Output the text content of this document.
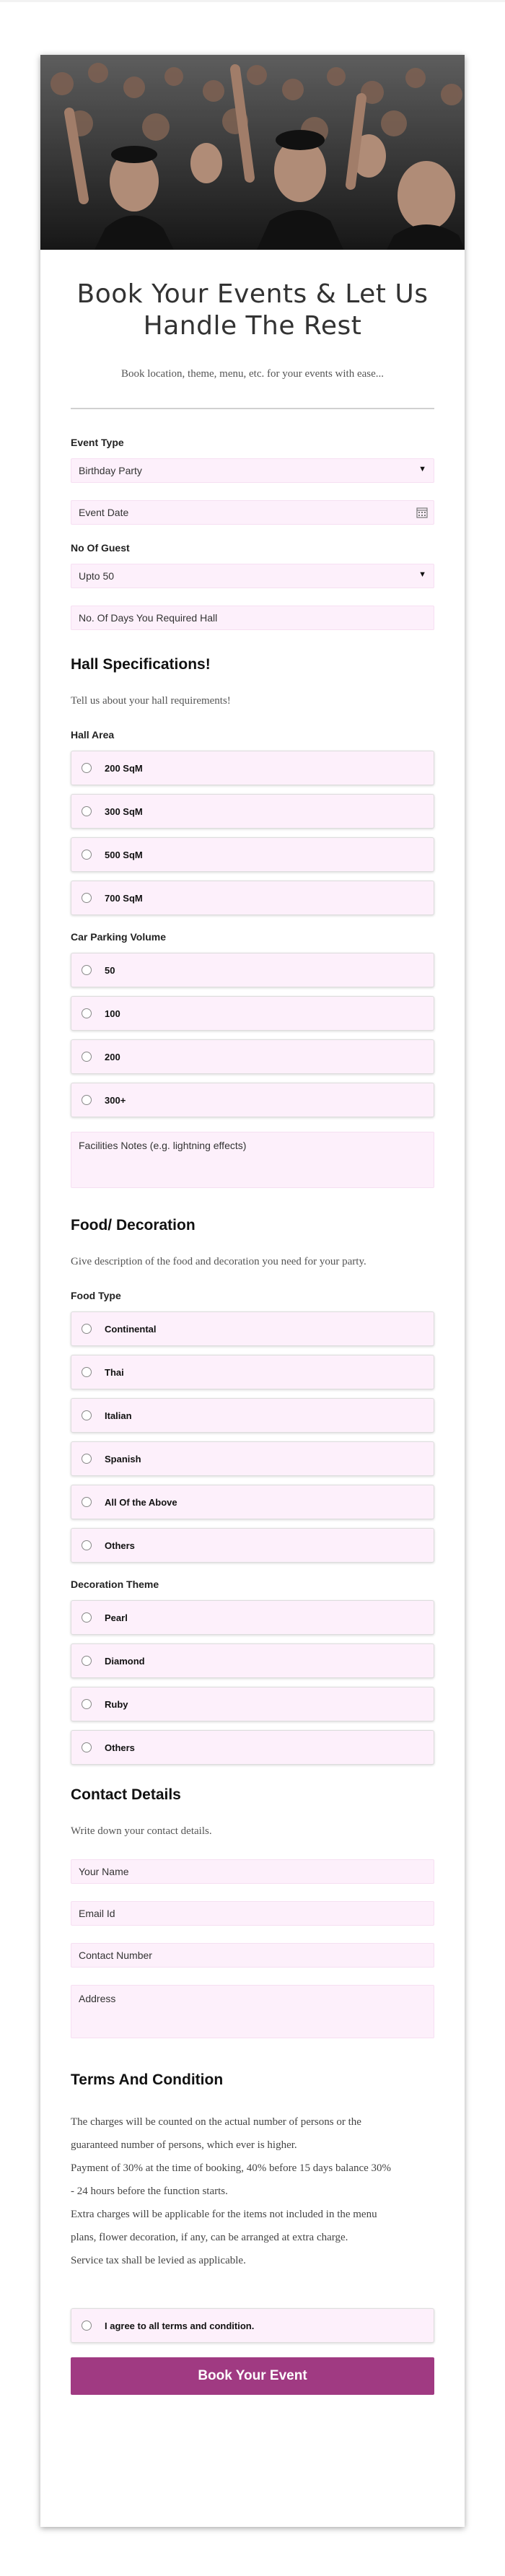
Book Your Events & Let Us Handle The Rest

Book location, theme, menu, etc. for your events with ease...

Event Type
Birthday Party	▼
Event Date
No Of Guest
Upto 50	▼
No. Of Days You Required Hall
Hall Specifications!
Tell us about your hall requirements!
Hall Area
200 SqM
300 SqM
500 SqM
700 SqM
Car Parking Volume
50
100
200
300+
Facilities Notes (e.g. lightning effects)
Food/ Decoration
Give description of the food and decoration you need for your party.
Food Type
Continental
Thai
Italian
Spanish
All Of the Above
Others
Decoration Theme
Pearl
Diamond
Ruby
Others
Contact Details
Write down your contact details.
Your Name
Email Id
Contact Number
Address
Terms And Condition
The charges will be counted on the actual number of persons or the
guaranteed number of persons, which ever is higher.
Payment of 30% at the time of booking, 40% before 15 days balance 30%
- 24 hours before the function starts.
Extra charges will be applicable for the items not included in the menu
plans, flower decoration, if any, can be arranged at extra charge.
Service tax shall be levied as applicable.
I agree to all terms and condition.
Book Your Event
